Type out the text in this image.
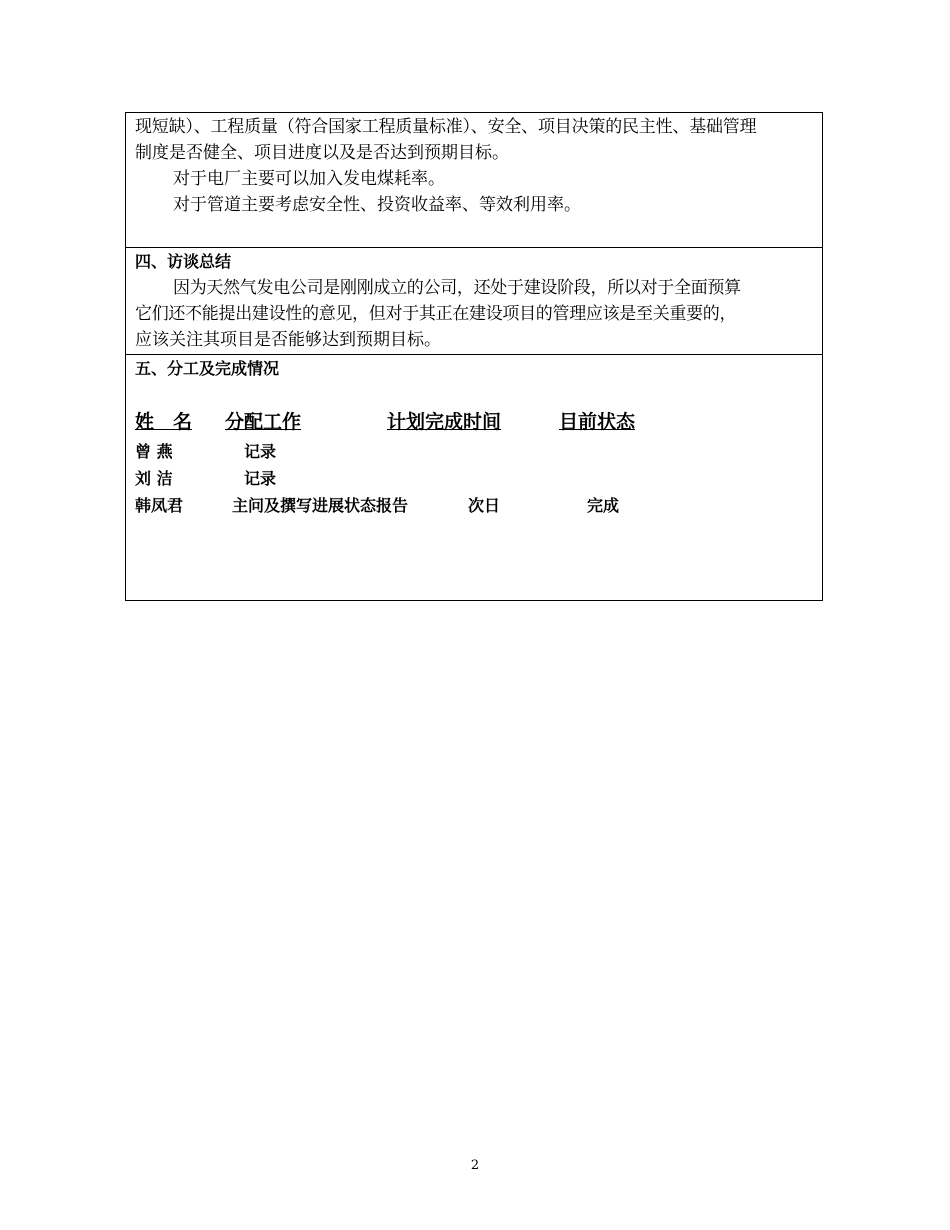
现短缺）、工程质量（符合国家工程质量标准）、安全、项目决策的民主性、基础管理

制度是否健全、项目进度以及是否达到预期目标。

对于电厂主要可以加入发电煤耗率。

对于管道主要考虑安全性、投资收益率、等效利用率。

四、访谈总结

因为天然气发电公司是刚刚成立的公司，还处于建设阶段，所以对于全面预算

它们还不能提出建设性的意见，但对于其正在建设项目的管理应该是至关重要的，

应该关注其项目是否能够达到预期目标。

五、分工及完成情况

姓　名 分配工作	计划完成时间	目前状态
曾 燕	记录
刘 洁	记录
韩凤君	主问及撰写进展状态报告	次日	完成
2
